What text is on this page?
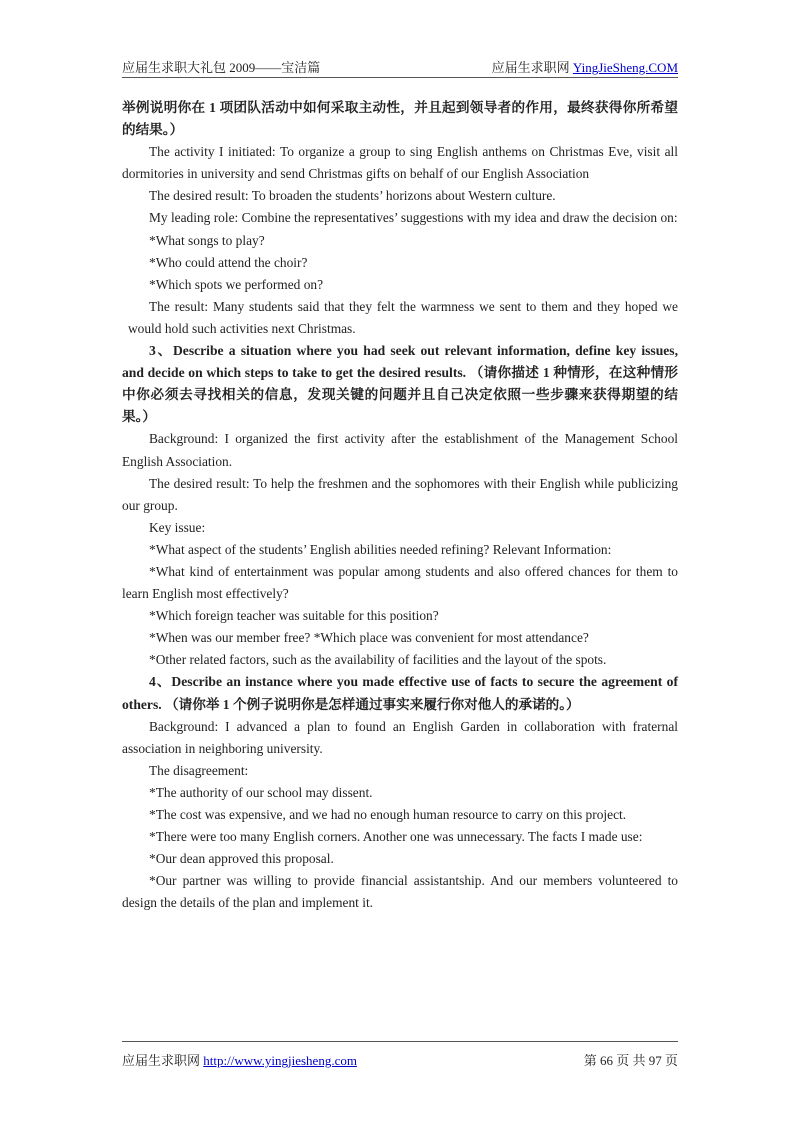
应届生求职大礼包 2009——宝洁篇	应届生求职网 YingJieSheng.COM

举例说明你在 1 项团队活动中如何采取主动性，并且起到领导者的作用，最终获得你所希望的结果。）

The activity I initiated: To organize a group to sing English anthems on Christmas Eve, visit all dormitories in university and send Christmas gifts on behalf of our English Association

The desired result: To broaden the students’ horizons about Western culture.

My leading role: Combine the representatives’ suggestions with my idea and draw the decision on:

*What songs to play?

*Who could attend the choir?

*Which spots we performed on?

The result: Many students said that they felt the warmness we sent to them and they hoped we would hold such activities next Christmas.

3、Describe a situation where you had seek out relevant information, define key issues, and decide on which steps to take to get the desired results. （请你描述 1 种情形，在这种情形中你必须去寻找相关的信息，发现关键的问题并且自己决定依照一些步骤来获得期望的结果。）

Background: I organized the first activity after the establishment of the Management School English Association.

The desired result: To help the freshmen and the sophomores with their English while publicizing our group.

Key issue:

*What aspect of the students’ English abilities needed refining? Relevant Information:

*What kind of entertainment was popular among students and also offered chances for them to learn English most effectively?

*Which foreign teacher was suitable for this position?

*When was our member free? *Which place was convenient for most attendance?

*Other related factors, such as the availability of facilities and the layout of the spots.

4、Describe an instance where you made effective use of facts to secure the agreement of others. （请你举 1 个例子说明你是怎样通过事实来履行你对他人的承诺的。）

Background: I advanced a plan to found an English Garden in collaboration with fraternal association in neighboring university.

The disagreement:

*The authority of our school may dissent.

*The cost was expensive, and we had no enough human resource to carry on this project.

*There were too many English corners. Another one was unnecessary. The facts I made use:

*Our dean approved this proposal.

*Our partner was willing to provide financial assistantship. And our members volunteered to design the details of the plan and implement it.

应届生求职网 http://www.yingjiesheng.com	第 66 页 共 97 页
